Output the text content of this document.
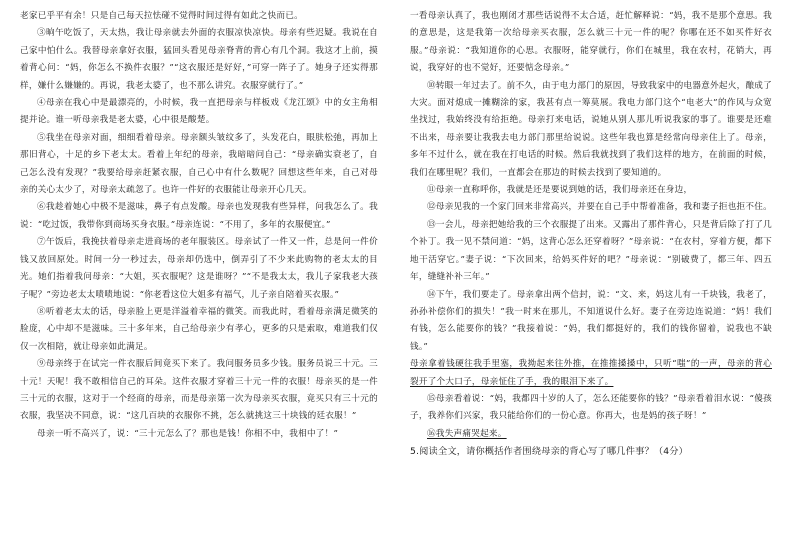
老家已乎平有余！只是自己每天拉怯碰不觉得时间过得有如此之快而已。

③晌午吃饭了，天太热，我让母亲就去外面的衣服凉快凉快。母亲有些迟疑。我说在自己家中怕什么。我替母亲拿好衣服，猛回头看见母亲脊背的背心有几个洞。我这才上前，摸着背心问：“妈，你怎么不换件衣服？”“这衣服还是好好，”可穿一阵子了。她身子还实得那样，嫌什么嫌嫌的。再说，我老太婆了，也不那么讲究。衣服穿就行了。”

④母亲在我心中是最漂亮的，小时候，我一直把母亲与样板戏《龙江颂》中的女主角相提并论。谁一听母亲我是老太婆，心中很是酸楚。

⑤我坐在母亲对面，细细看着母亲。母亲额头皱纹多了，头发花白，眼肤松弛，再加上那旧背心，十足的乡下老太太。看着上年纪的母亲，我暗暗问自己：“母亲确实衰老了，自己怎么没有发现？”我要给母亲赶紧衣服，自己心中有什么数呢？回想这些年来，自己对母亲的关心太少了，对母亲太疏忽了。也许一件好的衣服能让母亲开心几天。

⑥我趁着她心中极不是滋味，鼻子有点发酸。母亲也发现我有些异样，问我怎么了。我说：“吃过饭，我带你到商场买身衣服。”母亲连说：“不用了，多年的衣服便宜。”

⑦午饭后，我挽扶着母亲走进商场的老年服装区。母亲试了一件又一件，总是问一件价钱又放回原处。时间一分一秒过去，母亲却仍选中，倒弄引了不少来此购物的老太太的目光。她们指着我问母亲：“大姐，买衣服呢？这是谁呀？”“不是我太太，我儿子家我老大孩子呢？”旁边老太太啧啧地说：“你老看这位大姐多有福气，儿子亲自陪着买衣服。”

⑧听着老太太的话，母亲脸上更是洋溢着幸福的微笑。而我此时，看着母亲满足微笑的脸庞，心中却不是滋味。三十多年来，自己给母亲少有孝心，更多的只是索取，难道我们仅仅一次相陪，就让母亲如此满足。

⑨母亲终于在试完一件衣服后间竟买下来了。我问服务员多少钱。服务员说三十元。三十元！天呢！我不敢相信自己的耳朵。这件衣服才穿着三十元一件的衣服！母亲买的是一件三十元的衣服，这对于一个经商的母亲，而是母亲第一次为母亲买衣服，竟买只有三十元的衣服，我坚决不同意，说：“这几百块的衣服你不挑，怎么就挑这三十块钱的廷衣服！”

母亲一听不高兴了，说：“三十元怎么了？那也是钱！你相不中，我相中了！”

一看母亲认真了，我也刚闭才那些话说得不太合适，赶忙解释说：“妈，我不是那个意思。我的意思是，这是我第一次给母亲买衣服，怎么就三十元一件的呢？你哪在还不如买件好衣服。”母亲说：“我知道你的心思。衣服呀，能穿就行，你们在城里，我在农村，花销大，再说，我穿好的也不觉好，还要惦念母亲。”

⑩转眼一年过去了。前不久，由于电力部门的原因，导致我家中的电器意外起火，酿成了大灾。面对熄成一摊糊涂的家，我甚有点一筹莫展。我电力部门这个“电老大”的作风与众宽坐找过，我始终没有给拒绝。母亲打来电话，说她从别人那儿听说我家的事了。谁要是还难不出来，母亲要让我我去电力部门那里给说说。这些年我也算是经常向母亲住上了。母亲，多年不过什么，就在我在打电话的时候。然后我就找到了我们这样的地方，在前面的时候，我们在哪里呢？我们，一直都会在那边的时候去找到了要知道的。

⑪母亲一直称呼你，我就是还是要说到她的话，我们母亲还在身边，

⑫母亲见我的一个家门回来非常高兴，并要在自己手中帮着准备，我和妻子拒也拒不住。

⑬一会儿，母亲把她给我的三个衣服提了出来。又露出了那件背心，只是背后除了打了几个补丁。我一见不禁问道：“妈，这背心怎么还穿着呀？”母亲说：“在农村，穿着方便，都下地干活穿它。”妻子说：“下次回来，给妈买件好的吧？”母亲说：“别破费了，都三年、四五年，缝缝补补三年。”

⑭下午，我们要走了。母亲拿出两个信封，说：“文、来，妈这儿有一千块钱，我老了，孙孙补偿你们的损失！”我一时来在那儿，不知道说什么好。妻子在旁边连说道：“妈！我们有钱，怎么能要你的钱？”我接着说：“妈，我们都挺好的，我们的钱你留着，说我也不缺钱。”

母亲拿着钱硬往我手里塞，我拗起来往外推，在推推搡搡中，只听“嗤”的一声，母亲的背心裂开了个大口子，母亲怔住了手，我的眼泪下来了。

⑮母亲看着说：“妈，我都四十岁的人了，怎么还能要你的钱？”母亲看着泪水说：“傻孩子，我养你们兴家，我只能给你们的一份心意。你再大，也是妈的孩子呀！”

⑯我失声痛哭起来。

5.阅读全文，请你概括作者围绕母亲的背心写了哪几件事？（4分）
